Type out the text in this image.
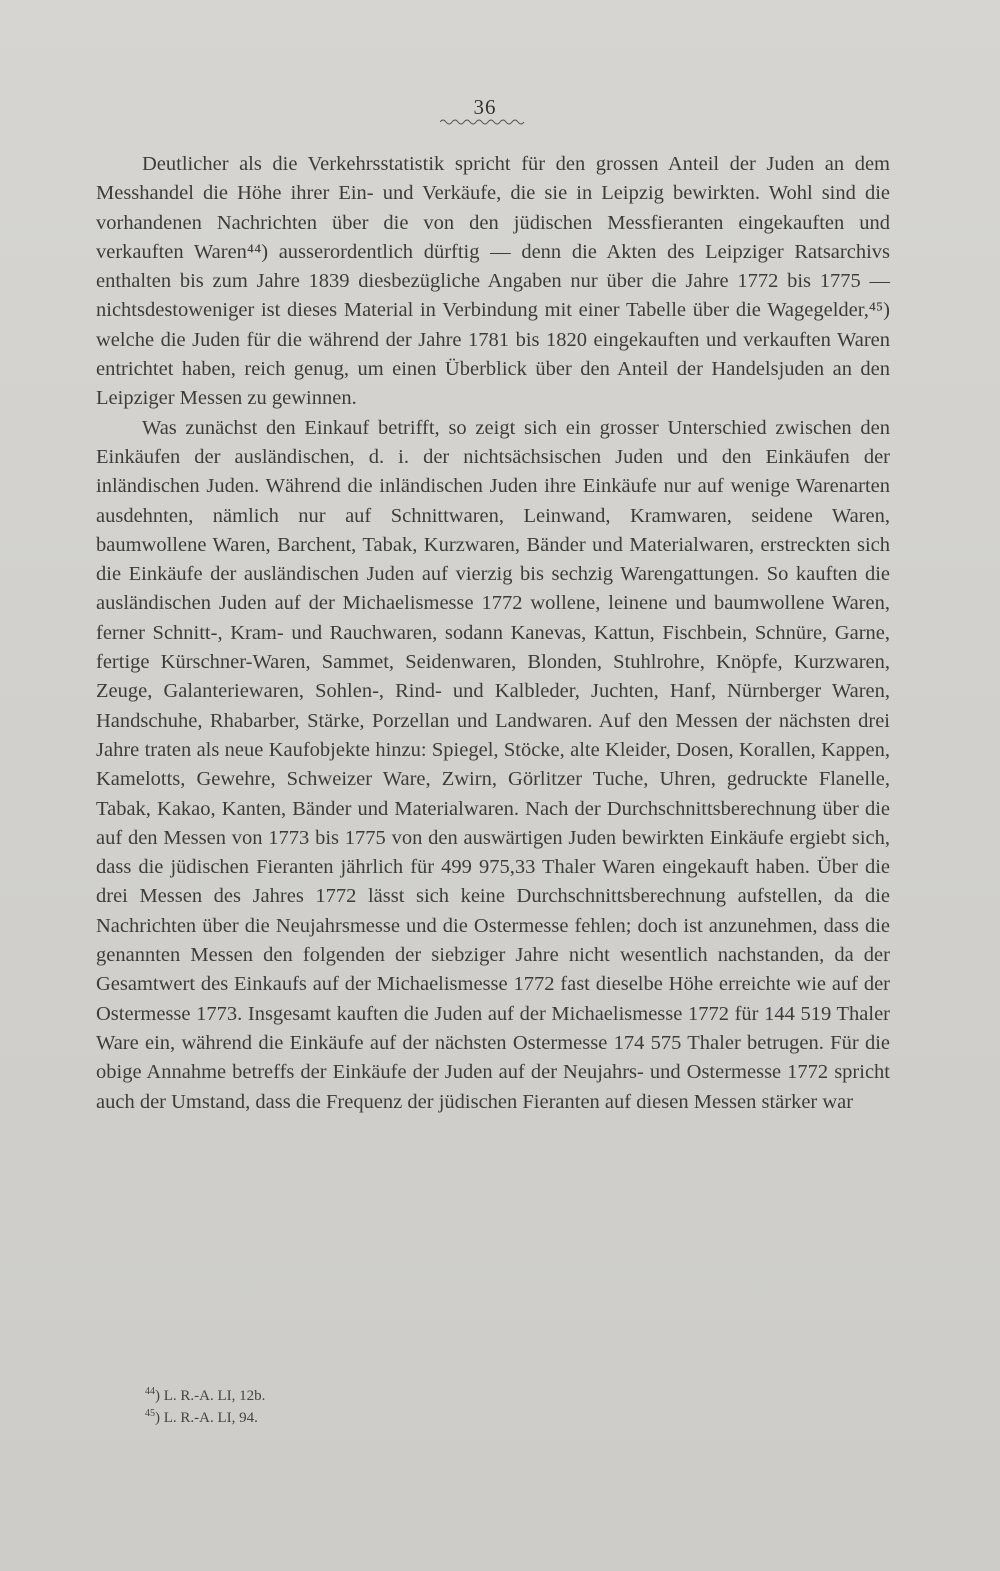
36

Deutlicher als die Verkehrsstatistik spricht für den grossen Anteil der Juden an dem Messhandel die Höhe ihrer Ein- und Verkäufe, die sie in Leipzig bewirkten. Wohl sind die vorhandenen Nachrichten über die von den jüdischen Messfieranten eingekauften und verkauften Waren⁴⁴) ausserordentlich dürftig — denn die Akten des Leipziger Ratsarchivs enthalten bis zum Jahre 1839 diesbezügliche Angaben nur über die Jahre 1772 bis 1775 — nichtsdestoweniger ist dieses Material in Verbindung mit einer Tabelle über die Wagegelder,⁴⁵) welche die Juden für die während der Jahre 1781 bis 1820 eingekauften und verkauften Waren entrichtet haben, reich genug, um einen Überblick über den Anteil der Handelsjuden an den Leipziger Messen zu gewinnen.

Was zunächst den Einkauf betrifft, so zeigt sich ein grosser Unterschied zwischen den Einkäufen der ausländischen, d. i. der nichtsächsischen Juden und den Einkäufen der inländischen Juden. Während die inländischen Juden ihre Einkäufe nur auf wenige Warenarten ausdehnten, nämlich nur auf Schnittwaren, Leinwand, Kramwaren, seidene Waren, baumwollene Waren, Barchent, Tabak, Kurzwaren, Bänder und Materialwaren, erstreckten sich die Einkäufe der ausländischen Juden auf vierzig bis sechzig Warengattungen. So kauften die ausländischen Juden auf der Michaelismesse 1772 wollene, leinene und baumwollene Waren, ferner Schnitt-, Kram- und Rauchwaren, sodann Kanevas, Kattun, Fischbein, Schnüre, Garne, fertige Kürschner-Waren, Sammet, Seidenwaren, Blonden, Stuhlrohre, Knöpfe, Kurzwaren, Zeuge, Galanteriewaren, Sohlen-, Rind- und Kalbleder, Juchten, Hanf, Nürnberger Waren, Handschuhe, Rhabarber, Stärke, Porzellan und Landwaren. Auf den Messen der nächsten drei Jahre traten als neue Kaufobjekte hinzu: Spiegel, Stöcke, alte Kleider, Dosen, Korallen, Kappen, Kamelotts, Gewehre, Schweizer Ware, Zwirn, Görlitzer Tuche, Uhren, gedruckte Flanelle, Tabak, Kakao, Kanten, Bänder und Materialwaren. Nach der Durchschnittsberechnung über die auf den Messen von 1773 bis 1775 von den auswärtigen Juden bewirkten Einkäufe ergiebt sich, dass die jüdischen Fieranten jährlich für 499 975,33 Thaler Waren eingekauft haben. Über die drei Messen des Jahres 1772 lässt sich keine Durchschnittsberechnung aufstellen, da die Nachrichten über die Neujahrsmesse und die Ostermesse fehlen; doch ist anzunehmen, dass die genannten Messen den folgenden der siebziger Jahre nicht wesentlich nachstanden, da der Gesamtwert des Einkaufs auf der Michaelismesse 1772 fast dieselbe Höhe erreichte wie auf der Ostermesse 1773. Insgesamt kauften die Juden auf der Michaelismesse 1772 für 144 519 Thaler Ware ein, während die Einkäufe auf der nächsten Ostermesse 174 575 Thaler betrugen. Für die obige Annahme betreffs der Einkäufe der Juden auf der Neujahrs- und Ostermesse 1772 spricht auch der Umstand, dass die Frequenz der jüdischen Fieranten auf diesen Messen stärker war

$^{44}$) L. R.-A. LI, 12b.

$^{45}$) L. R.-A. LI, 94.
